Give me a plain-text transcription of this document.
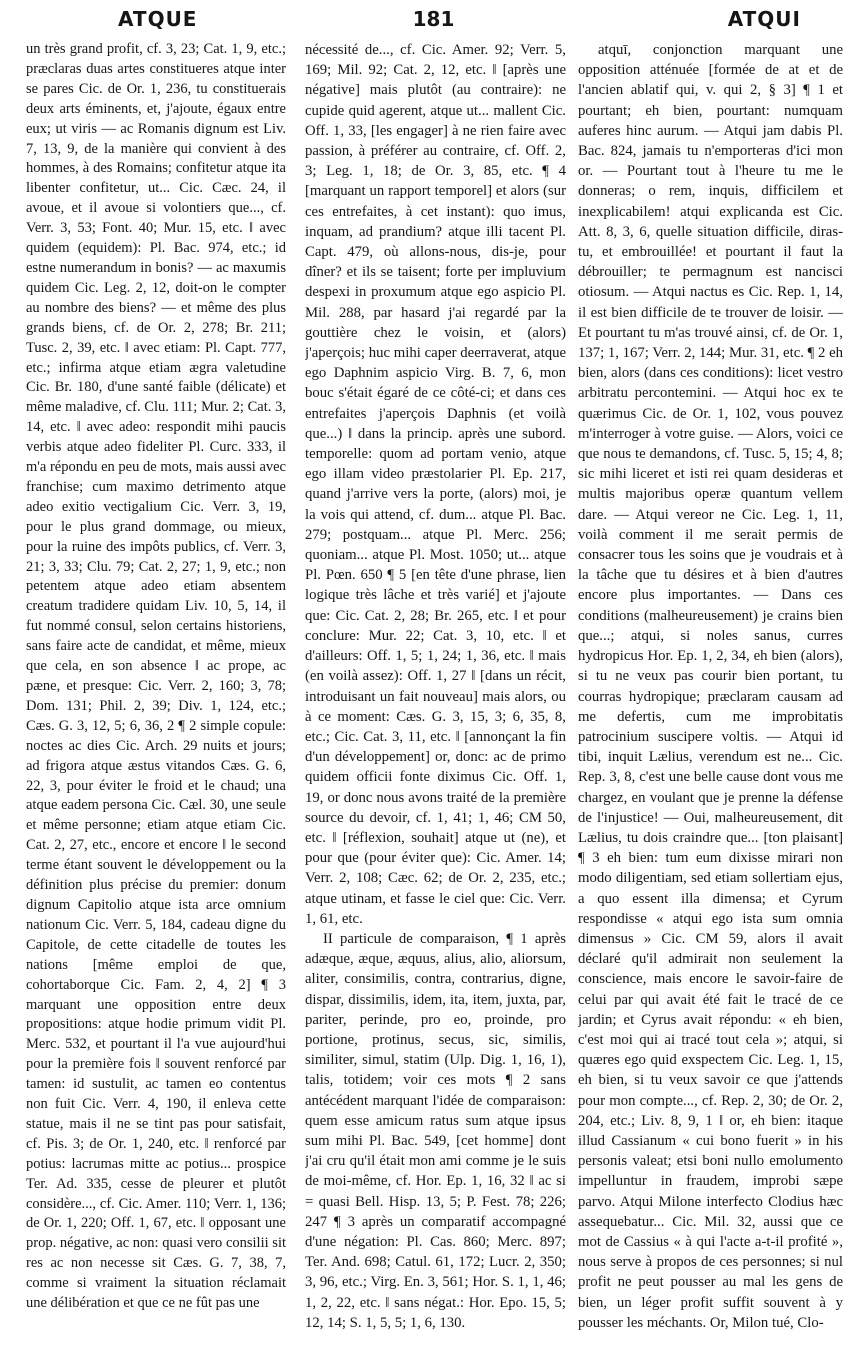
ATQUE	181	ATQUI

un très grand profit, cf. 3, 23; Cat. 1, 9, etc.; præclaras duas artes constitueres atque inter se pares Cic. de Or. 1, 236, tu constituerais deux arts éminents, et, j'ajoute, égaux entre eux; ut viris — ac Romanis dignum est Liv. 7, 13, 9, de la manière qui convient à des hommes, à des Romains; confitetur atque ita libenter confitetur, ut... Cic. Cæc. 24, il avoue, et il avoue si volontiers que..., cf. Verr. 3, 53; Font. 40; Mur. 15, etc. ‖ avec quidem (equidem): Pl. Bac. 974, etc.; id estne numerandum in bonis? — ac maxumis quidem Cic. Leg. 2, 12, doit-on le compter au nombre des biens? — et même des plus grands biens, cf. de Or. 2, 278; Br. 211; Tusc. 2, 39, etc. ‖ avec etiam: Pl. Capt. 777, etc.; infirma atque etiam ægra valetudine Cic. Br. 180, d'une santé faible (délicate) et même maladive, cf. Clu. 111; Mur. 2; Cat. 3, 14, etc. ‖ avec adeo: respondit mihi paucis verbis atque adeo fideliter Pl. Curc. 333, il m'a répondu en peu de mots, mais aussi avec franchise; cum maximo detrimento atque adeo exitio vectigalium Cic. Verr. 3, 19, pour le plus grand dommage, ou mieux, pour la ruine des impôts publics, cf. Verr. 3, 21; 3, 33; Clu. 79; Cat. 2, 27; 1, 9, etc.; non petentem atque adeo etiam absentem creatum tradidere quidam Liv. 10, 5, 14, il fut nommé consul, selon certains historiens, sans faire acte de candidat, et même, mieux que cela, en son absence ‖ ac prope, ac pæne, et presque: Cic. Verr. 2, 160; 3, 78; Dom. 131; Phil. 2, 39; Div. 1, 124, etc.; Cæs. G. 3, 12, 5; 6, 36, 2 ¶ 2 simple copule: noctes ac dies Cic. Arch. 29 nuits et jours; ad frigora atque æstus vitandos Cæs. G. 6, 22, 3, pour éviter le froid et le chaud; una atque eadem persona Cic. Cæl. 30, une seule et même personne; etiam atque etiam Cic. Cat. 2, 27, etc., encore et encore ‖ le second terme étant souvent le développement ou la définition plus précise du premier: donum dignum Capitolio atque ista arce omnium nationum Cic. Verr. 5, 184, cadeau digne du Capitole, de cette citadelle de toutes les nations [même emploi de que, cohortaborque Cic. Fam. 2, 4, 2] ¶ 3 marquant une opposition entre deux propositions: atque hodie primum vidit Pl. Merc. 532, et pourtant il l'a vue aujourd'hui pour la première fois ‖ souvent renforcé par tamen: id sustulit, ac tamen eo contentus non fuit Cic. Verr. 4, 190, il enleva cette statue, mais il ne se tint pas pour satisfait, cf. Pis. 3; de Or. 1, 240, etc. ‖ renforcé par potius: lacrumas mitte ac potius... prospice Ter. Ad. 335, cesse de pleurer et plutôt considère..., cf. Cic. Amer. 110; Verr. 1, 136; de Or. 1, 220; Off. 1, 67, etc. ‖ opposant une prop. négative, ac non: quasi vero consilii sit res ac non necesse sit Cæs. G. 7, 38, 7, comme si vraiment la situation réclamait une délibération et que ce ne fût pas une

nécessité de..., cf. Cic. Amer. 92; Verr. 5, 169; Mil. 92; Cat. 2, 12, etc. ‖ [après une négative] mais plutôt (au contraire): ne cupide quid agerent, atque ut... mallent Cic. Off. 1, 33, [les engager] à ne rien faire avec passion, à préférer au contraire, cf. Off. 2, 3; Leg. 1, 18; de Or. 3, 85, etc. ¶ 4 [marquant un rapport temporel] et alors (sur ces entrefaites, à cet instant): quo imus, inquam, ad prandium? atque illi tacent Pl. Capt. 479, où allons-nous, dis-je, pour dîner? et ils se taisent; forte per impluvium despexi in proxumum atque ego aspicio Pl. Mil. 288, par hasard j'ai regardé par la gouttière chez le voisin, et (alors) j'aperçois; huc mihi caper deerraverat, atque ego Daphnim aspicio Virg. B. 7, 6, mon bouc s'était égaré de ce côté-ci; et dans ces entrefaites j'aperçois Daphnis (et voilà que...) ‖ dans la princip. après une subord. temporelle: quom ad portam venio, atque ego illam video præstolarier Pl. Ep. 217, quand j'arrive vers la porte, (alors) moi, je la vois qui attend, cf. dum... atque Pl. Bac. 279; postquam... atque Pl. Merc. 256; quoniam... atque Pl. Most. 1050; ut... atque Pl. Pœn. 650 ¶ 5 [en tête d'une phrase, lien logique très lâche et très varié] et j'ajoute que: Cic. Cat. 2, 28; Br. 265, etc. ‖ et pour conclure: Mur. 22; Cat. 3, 10, etc. ‖ et d'ailleurs: Off. 1, 5; 1, 24; 1, 36, etc. ‖ mais (en voilà assez): Off. 1, 27 ‖ [dans un récit, introduisant un fait nouveau] mais alors, ou à ce moment: Cæs. G. 3, 15, 3; 6, 35, 8, etc.; Cic. Cat. 3, 11, etc. ‖ [annonçant la fin d'un développement] or, donc: ac de primo quidem officii fonte diximus Cic. Off. 1, 19, or donc nous avons traité de la première source du devoir, cf. 1, 41; 1, 46; CM 50, etc. ‖ [réflexion, souhait] atque ut (ne), et pour que (pour éviter que): Cic. Amer. 14; Verr. 2, 108; Cæc. 62; de Or. 2, 235, etc.; atque utinam, et fasse le ciel que: Cic. Verr. 1, 61, etc.

II particule de comparaison, ¶ 1 après adæque, æque, æquus, alius, alio, aliorsum, aliter, consimilis, contra, contrarius, digne, dispar, dissimilis, idem, ita, item, juxta, par, pariter, perinde, pro eo, proinde, pro portione, protinus, secus, sic, similis, similiter, simul, statim (Ulp. Dig. 1, 16, 1), talis, totidem; voir ces mots ¶ 2 sans antécédent marquant l'idée de comparaison: quem esse amicum ratus sum atque ipsus sum mihi Pl. Bac. 549, [cet homme] dont j'ai cru qu'il était mon ami comme je le suis de moi-même, cf. Hor. Ep. 1, 16, 32 ‖ ac si = quasi Bell. Hisp. 13, 5; P. Fest. 78; 226; 247 ¶ 3 après un comparatif accompagné d'une négation: Pl. Cas. 860; Merc. 897; Ter. And. 698; Catul. 61, 172; Lucr. 2, 350; 3, 96, etc.; Virg. En. 3, 561; Hor. S. 1, 1, 46; 1, 2, 22, etc. ‖ sans négat.: Hor. Epo. 15, 5; 12, 14; S. 1, 5, 5; 1, 6, 130.

atquī, conjonction marquant une opposition atténuée [formée de at et de l'ancien ablatif qui, v. qui 2, § 3] ¶ 1 et pourtant; eh bien, pourtant: numquam auferes hinc aurum. — Atqui jam dabis Pl. Bac. 824, jamais tu n'emporteras d'ici mon or. — Pourtant tout à l'heure tu me le donneras; o rem, inquis, difficilem et inexplicabilem! atqui explicanda est Cic. Att. 8, 3, 6, quelle situation difficile, diras-tu, et embrouillée! et pourtant il faut la débrouiller; te permagnum est nancisci otiosum. — Atqui nactus es Cic. Rep. 1, 14, il est bien difficile de te trouver de loisir. — Et pourtant tu m'as trouvé ainsi, cf. de Or. 1, 137; 1, 167; Verr. 2, 144; Mur. 31, etc. ¶ 2 eh bien, alors (dans ces conditions): licet vestro arbitratu percontemini. — Atqui hoc ex te quærimus Cic. de Or. 1, 102, vous pouvez m'interroger à votre guise. — Alors, voici ce que nous te demandons, cf. Tusc. 5, 15; 4, 8; sic mihi liceret et isti rei quam desideras et multis majoribus operæ quantum vellem dare. — Atqui vereor ne Cic. Leg. 1, 11, voilà comment il me serait permis de consacrer tous les soins que je voudrais et à la tâche que tu désires et à bien d'autres encore plus importantes. — Dans ces conditions (malheureusement) je crains bien que...; atqui, si noles sanus, curres hydropicus Hor. Ep. 1, 2, 34, eh bien (alors), si tu ne veux pas courir bien portant, tu courras hydropique; præclaram causam ad me defertis, cum me improbitatis patrocinium suscipere voltis. — Atqui id tibi, inquit Lælius, verendum est ne... Cic. Rep. 3, 8, c'est une belle cause dont vous me chargez, en voulant que je prenne la défense de l'injustice! — Oui, malheureusement, dit Lælius, tu dois craindre que... [ton plaisant] ¶ 3 eh bien: tum eum dixisse mirari non modo diligentiam, sed etiam sollertiam ejus, a quo essent illa dimensa; et Cyrum respondisse « atqui ego ista sum omnia dimensus » Cic. CM 59, alors il avait déclaré qu'il admirait non seulement la conscience, mais encore le savoir-faire de celui par qui avait été fait le tracé de ce jardin; et Cyrus avait répondu: « eh bien, c'est moi qui ai tracé tout cela »; atqui, si quæres ego quid exspectem Cic. Leg. 1, 15, eh bien, si tu veux savoir ce que j'attends pour mon compte..., cf. Rep. 2, 30; de Or. 2, 204, etc.; Liv. 8, 9, 1 ‖ or, eh bien: itaque illud Cassianum « cui bono fuerit » in his personis valeat; etsi boni nullo emolumento impelluntur in fraudem, improbi sæpe parvo. Atqui Milone interfecto Clodius hæc assequebatur... Cic. Mil. 32, aussi que ce mot de Cassius « à qui l'acte a-t-il profité », nous serve à propos de ces personnes; si nul profit ne peut pousser au mal les gens de bien, un léger profit suffit souvent à y pousser les méchants. Or, Milon tué, Clo-
